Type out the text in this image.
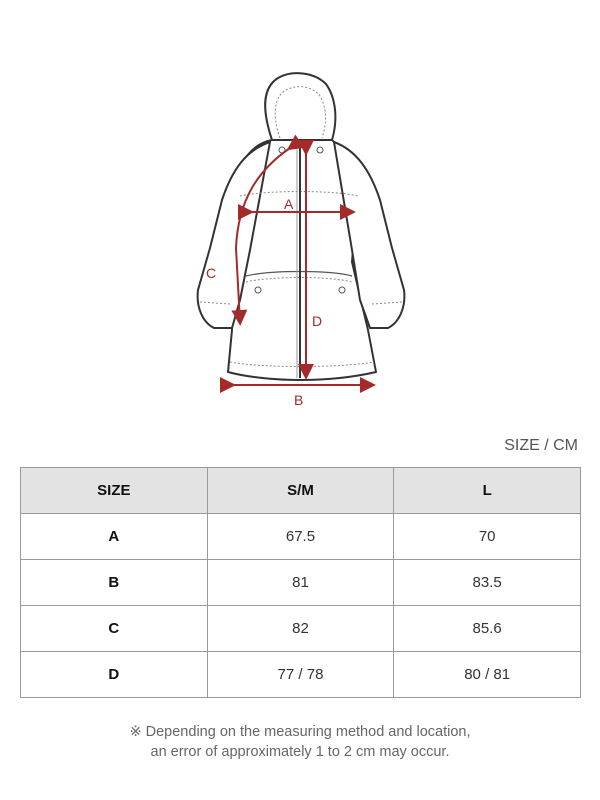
A
B
C
D
SIZE / CM
SIZE	S/M	L
A	67.5	70
B	81	83.5
C	82	85.6
D	77 / 78	80 / 81
※ Depending on the measuring method and location,
an error of approximately 1 to 2 cm may occur.
